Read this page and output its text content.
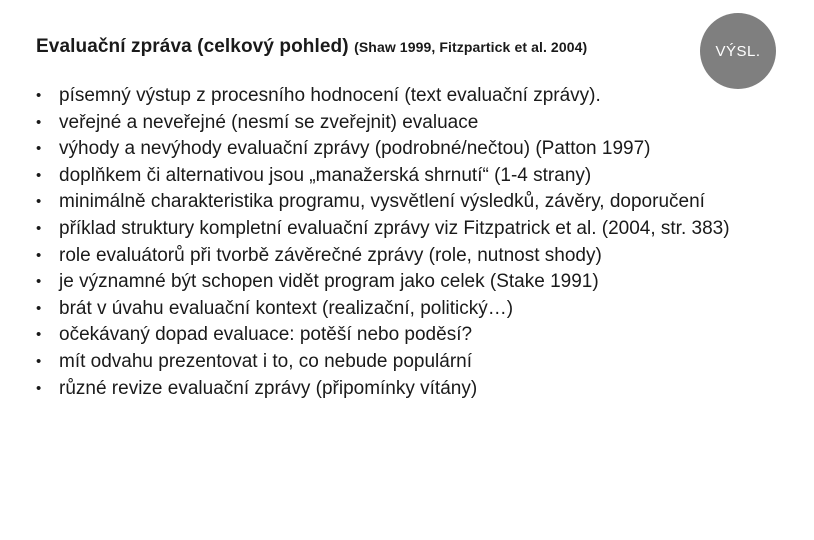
Evaluační zpráva (celkový pohled) (Shaw 1999, Fitzpartick et al. 2004)	VÝSL.
• písemný výstup z procesního hodnocení (text evaluační zprávy).
• veřejné a neveřejné (nesmí se zveřejnit) evaluace
• výhody a nevýhody evaluační zprávy (podrobné/nečtou) (Patton 1997)
• doplňkem či alternativou jsou „manažerská shrnutí“ (1-4 strany)
• minimálně charakteristika programu, vysvětlení výsledků, závěry, doporučení
• příklad struktury kompletní evaluační zprávy viz Fitzpatrick et al. (2004, str. 383)
• role evaluátorů při tvorbě závěrečné zprávy (role, nutnost shody)
• je významné být schopen vidět program jako celek (Stake 1991)
• brát v úvahu evaluační kontext (realizační, politický…)
• očekávaný dopad evaluace: potěší nebo poděsí?
• mít odvahu prezentovat i to, co nebude populární
• různé revize evaluační zprávy (připomínky vítány)
